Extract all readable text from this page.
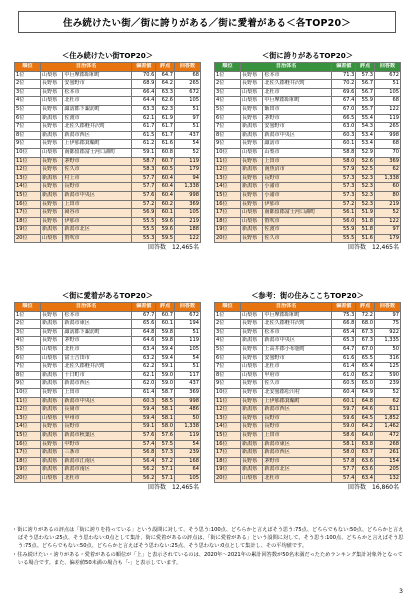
住み続けたい街／街に誇りがある／街に愛着がある＜各TOP20＞
＜住み続けたい街TOP20＞
順位	自治体名		偏差値	評点	回答数
1位	山梨県	中巨摩郡昭和町	70.6	64.7	68
2位	長野県	安曇野市	68.9	64.2	265
3位	長野県	松本市	66.4	63.3	672
4位	山梨県	北杜市	64.4	62.6	105
5位	長野県	諏訪郡下諏訪町	63.3	62.3	51
6位	新潟県	佐渡市	62.1	61.9	97
7位	長野県	北佐久郡軽井沢町	61.7	61.7	51
8位	新潟県	新潟市西区	61.5	61.7	437
9位	長野県	上伊那郡箕輪町	61.2	61.6	54
10位	山梨県	南都留郡富士河口湖町	59.1	60.8	52
11位	長野県	茅野市	58.7	60.7	119
12位	長野県	佐久市	58.3	60.5	179
13位	新潟県	村上市	57.7	60.4	94
14位	長野県	長野市	57.7	60.4	1,338
15位	新潟県	新潟市中央区	57.6	60.4	998
16位	長野県	上田市	57.2	60.2	369
17位	長野県	岡谷市	56.9	60.1	105
18位	長野県	伊那市	55.5	59.6	219
19位	新潟県	新潟市北区	55.5	59.6	188
20位	山梨県	笛吹市	55.3	59.5	122
回答数 12,465名
＜街に誇りがあるTOP20＞
順位	自治体名		偏差値	評点	回答数
1位	長野県	松本市	71.3	57.3	672
2位	長野県	北佐久郡軽井沢町	70.2	56.7	51
3位	山梨県	北杜市	69.6	56.7	105
4位	山梨県	中巨摩郡昭和町	67.4	55.9	68
5位	長野県	飯田市	67.0	55.7	122
6位	長野県	茅野市	66.5	55.4	119
7位	新潟県	安曇野市	63.0	54.3	265
8位	新潟県	新潟市中央区	60.3	53.4	998
9位	長野県	諏訪市	60.1	53.4	68
10位	山梨県	山梨市	58.8	52.9	70
11位	長野県	上田市	58.0	52.6	369
12位	新潟県	南魚沼市	57.9	52.5	62
13位	長野県	長野市	57.3	52.3	1,338
14位	新潟県	小諸市	57.3	52.3	60
15位	長野県	小諸市	57.3	52.3	80
16位	長野県	伊那市	57.2	52.3	219
17位	山梨県	南都留郡富士河口湖町	56.1	51.9	52
18位	山梨県	笛吹市	56.0	51.8	122
19位	新潟県	佐渡市	55.9	51.8	97
20位	長野県	佐久市	55.5	51.6	179
回答数 12,465名
＜街に愛着があるTOP20＞
順位	自治体名		偏差値	評点	回答数
1位	長野県	松本市	67.7	60.7	672
2位	新潟県	新潟市東区	65.6	60.1	194
3位	長野県	諏訪郡下諏訪町	64.8	59.8	51
4位	長野県	茅野市	64.6	59.8	119
5位	山梨県	北杜市	63.4	59.4	105
6位	山梨県	富士吉田市	63.2	59.4	54
7位	長野県	北佐久郡軽井沢町	62.2	59.1	51
8位	新潟県	十日町市	62.1	59.0	117
9位	新潟県	新潟市西区	62.0	59.0	437
10位	長野県	上田市	61.4	58.7	369
11位	新潟県	新潟市中央区	60.3	58.5	998
12位	新潟県	長岡市	59.4	58.1	486
13位	山梨県	甲州市	59.4	58.1	50
14位	長野県	長野市	59.1	58.0	1,338
15位	新潟県	新潟市秋葉区	57.6	57.6	119
16位	長野県	中野市	57.4	57.5	54
17位	新潟県	三条市	56.8	57.3	239
18位	新潟県	新潟市江南区	56.4	57.2	168
19位	新潟県	新潟市南区	56.2	57.1	64
20位	山梨県	北杜市	56.2	57.1	105
回答数 12,465名
＜参考：街の住みここちTOP20＞
順位	自治体名		偏差値	評点	回答数
1位	山梨県	中巨摩郡昭和町	75.3	72.2	97
2位	長野県	北佐久郡軽井沢町	66.8	68.0	75
3位	長野県	松本市	65.4	67.3	922
4位	新潟県	新潟市中央区	65.3	67.3	1,335
5位	長野県	上高井郡小布施町	64.7	67.0	50
6位	長野県	安曇野市	61.6	65.5	316
7位	山梨県	北杜市	61.4	65.4	125
8位	山梨県	甲府市	61.0	65.2	590
9位	長野県	佐久市	60.5	65.0	239
10位	長野県	北安曇郡松川村	60.4	64.9	52
11位	長野県	上伊那郡箕輪町	60.1	64.8	62
12位	新潟県	新潟市西区	59.7	64.6	611
13位	長野県	長野市	59.6	64.5	1,852
14位	長野県	長野市	59.0	64.2	1,462
15位	長野県	上田市	58.6	64.0	472
16位	新潟県	新潟市東区	58.1	63.8	268
17位	新潟県	新潟市西区	58.0	63.7	261
18位	長野県	茅野市	57.8	63.6	154
19位	新潟県	新潟市北区	57.7	63.6	205
20位	山梨県	北杜市	57.4	63.4	132
回答数 16,860名

・街に誇りがあるの評点は「街に誇りを持っている」という設問に対して、そう思う:100点、どちらかと言えばそう思う:75点、どちらでもない:50点、どちらかと言えばそう思わない:25点、そう思わない:0点として集計、街に愛着があるの評点は、「街に愛着がある」という設問に対して、そう思う:100点、どちらかと言えばそう思う:75点、どちらでもない:50点、どちらかと言えばそう思わない:25点、そう思わない:0点として集計し、その平均値です。

・住み続けたい・誇りがある・愛着があるの順位が「上」と表示されているのは、2020年～2021年の累計回答数が50名未満だったためランキング集計対象外となっている場合です。また、偏差値50未満の場合も「-」と表示しています。

3
